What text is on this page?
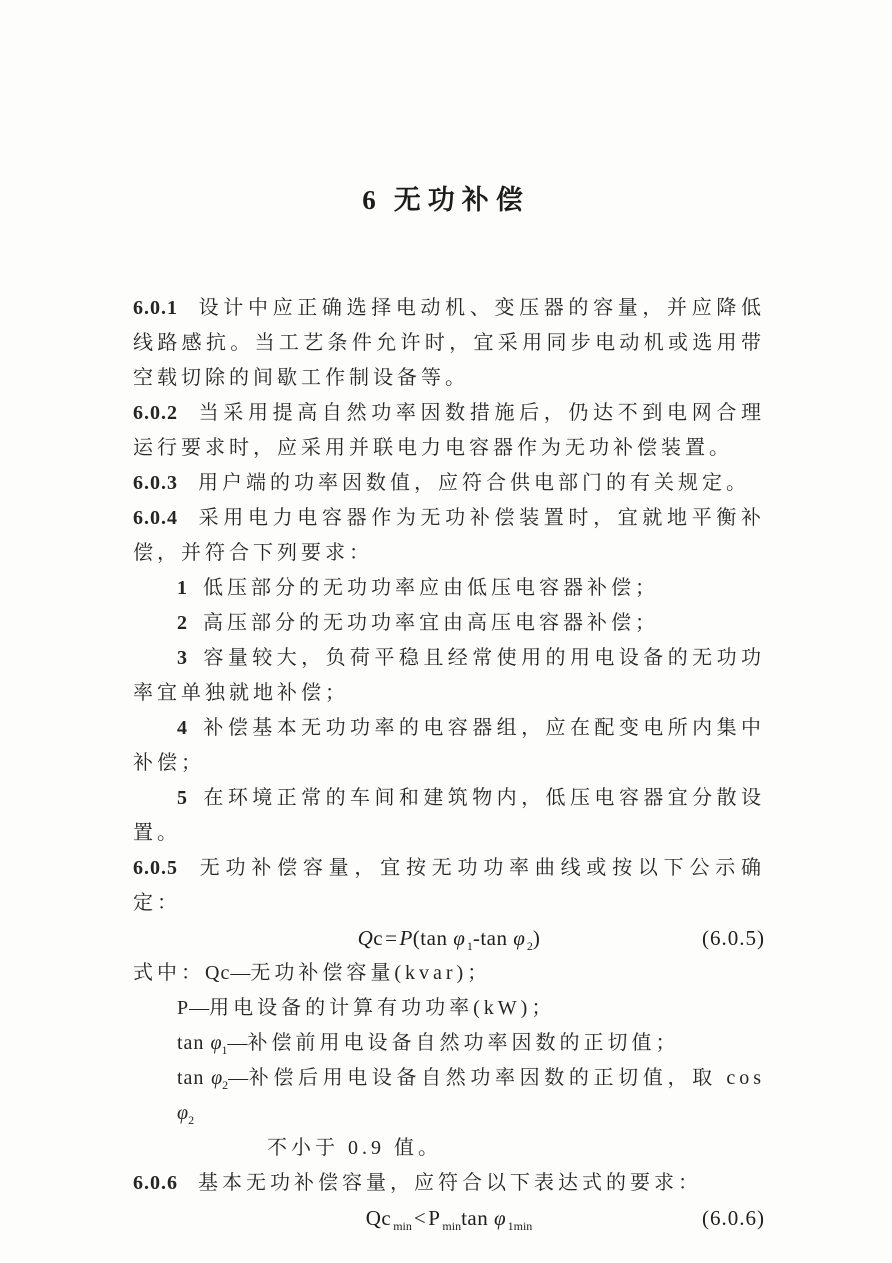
6 无功补偿

6.0.1 设计中应正确选择电动机、变压器的容量，并应降低线路感抗。当工艺条件允许时，宜采用同步电动机或选用带空载切除的间歇工作制设备等。

6.0.2 当采用提高自然功率因数措施后，仍达不到电网合理运行要求时，应采用并联电力电容器作为无功补偿装置。

6.0.3 用户端的功率因数值，应符合供电部门的有关规定。

6.0.4 采用电力电容器作为无功补偿装置时，宜就地平衡补偿，并符合下列要求：

1 低压部分的无功功率应由低压电容器补偿；

2 高压部分的无功功率宜由高压电容器补偿；

3 容量较大，负荷平稳且经常使用的用电设备的无功功率宜单独就地补偿；

4 补偿基本无功功率的电容器组，应在配变电所内集中补偿；

5 在环境正常的车间和建筑物内，低压电容器宜分散设置。

6.0.5 无功补偿容量，宜按无功功率曲线或按以下公示确定：

Qc=P(tan φ $_1$-tan φ $_2$)	(6.0.5)

式中：Qc—无功补偿容量(kvar)；

P—用电设备的计算有功功率(kW)；

$\tan \varphi_1—$补偿前用电设备自然功率因数的正切值；

$\tan \varphi_2—$补偿后用电设备自然功率因数的正切值，取 $\cos \varphi_2$

不小于 0.9 值。

6.0.6 基本无功补偿容量，应符合以下表达式的要求：

Qc $_{min}$<P $_{min}$tan φ $_{1min}$	(6.0.6)
